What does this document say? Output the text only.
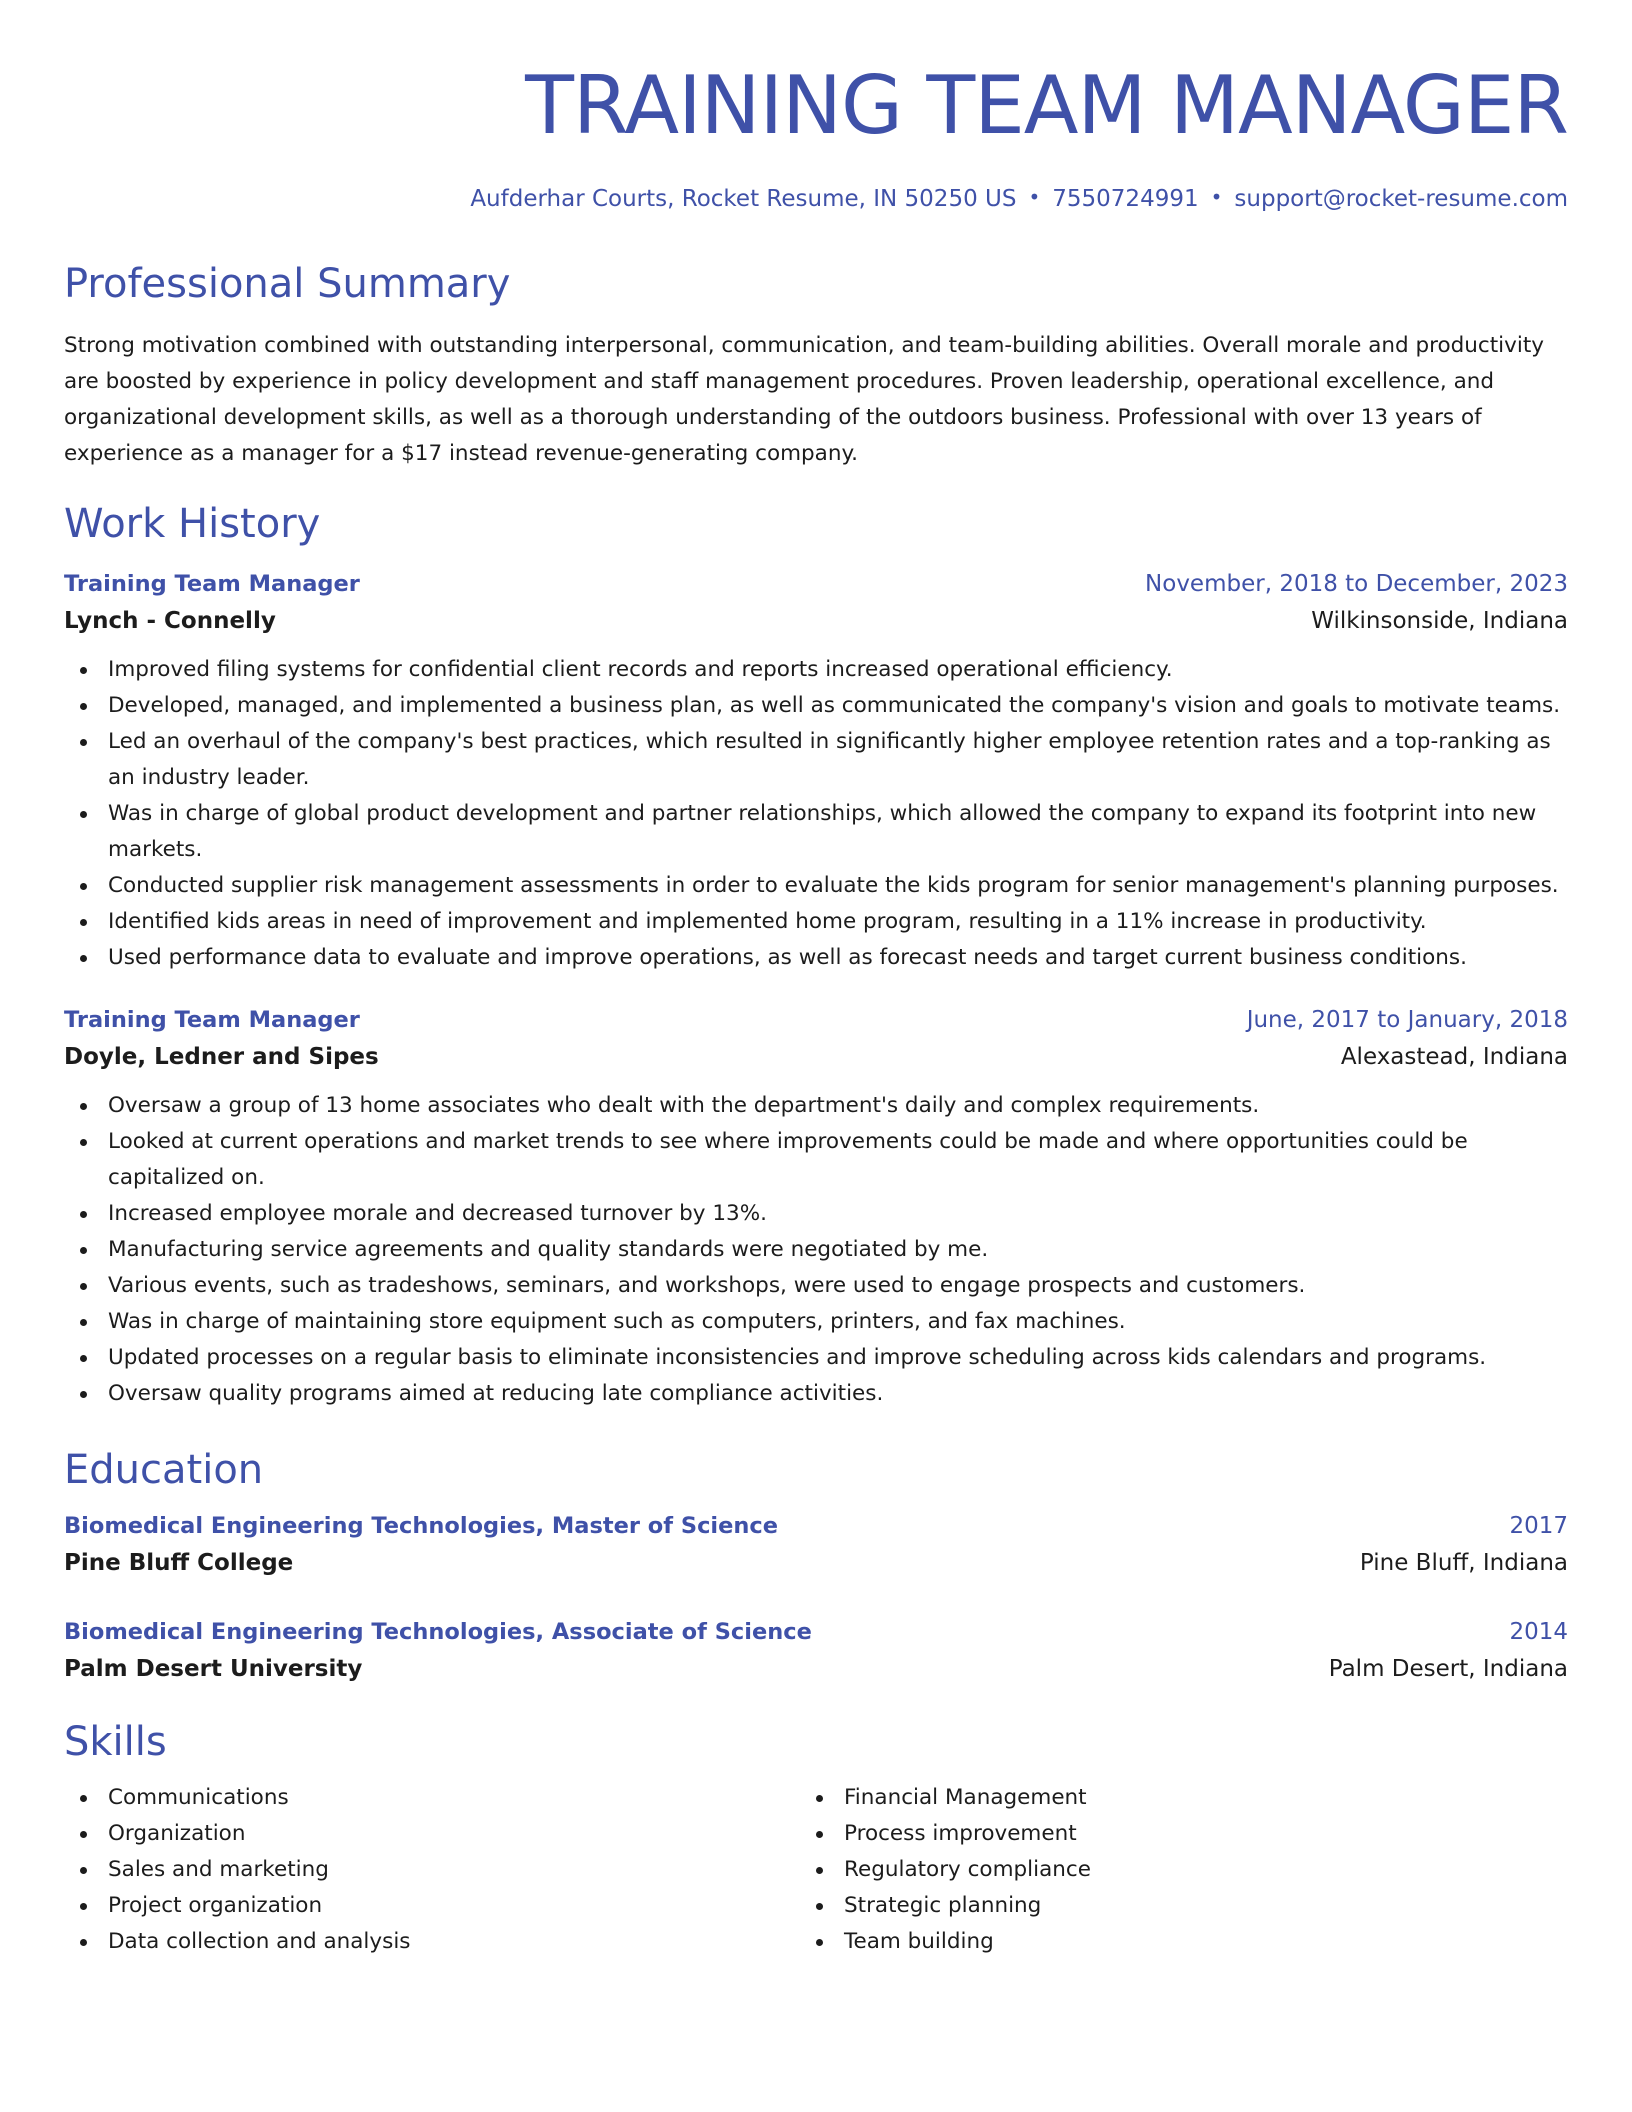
TRAINING TEAM MANAGER
Aufderhar Courts, Rocket Resume, IN 50250 US • 7550724991 • support@rocket-resume.com
Professional Summary

Strong motivation combined with outstanding interpersonal, communication, and team-building abilities. Overall morale and productivity are boosted by experience in policy development and staff management procedures. Proven leadership, operational excellence, and organizational development skills, as well as a thorough understanding of the outdoors business. Professional with over 13 years of experience as a manager for a $17 instead revenue-generating company.

Work History
Training Team Manager	November, 2018 to December, 2023
Lynch - Connelly	Wilkinsonside, Indiana
Improved filing systems for confidential client records and reports increased operational efficiency.
Developed, managed, and implemented a business plan, as well as communicated the company's vision and goals to motivate teams.
Led an overhaul of the company's best practices, which resulted in significantly higher employee retention rates and a top-ranking as an industry leader.
Was in charge of global product development and partner relationships, which allowed the company to expand its footprint into new markets.
Conducted supplier risk management assessments in order to evaluate the kids program for senior management's planning purposes.
Identified kids areas in need of improvement and implemented home program, resulting in a 11% increase in productivity.
Used performance data to evaluate and improve operations, as well as forecast needs and target current business conditions.
Training Team Manager	June, 2017 to January, 2018
Doyle, Ledner and Sipes	Alexastead, Indiana
Oversaw a group of 13 home associates who dealt with the department's daily and complex requirements.
Looked at current operations and market trends to see where improvements could be made and where opportunities could be capitalized on.
Increased employee morale and decreased turnover by 13%.
Manufacturing service agreements and quality standards were negotiated by me.
Various events, such as tradeshows, seminars, and workshops, were used to engage prospects and customers.
Was in charge of maintaining store equipment such as computers, printers, and fax machines.
Updated processes on a regular basis to eliminate inconsistencies and improve scheduling across kids calendars and programs.
Oversaw quality programs aimed at reducing late compliance activities.
Education
Biomedical Engineering Technologies, Master of Science	2017
Pine Bluff College	Pine Bluff, Indiana
Biomedical Engineering Technologies, Associate of Science	2014
Palm Desert University	Palm Desert, Indiana
Skills
Communications
Organization
Sales and marketing
Project organization
Data collection and analysis
Financial Management
Process improvement
Regulatory compliance
Strategic planning
Team building
